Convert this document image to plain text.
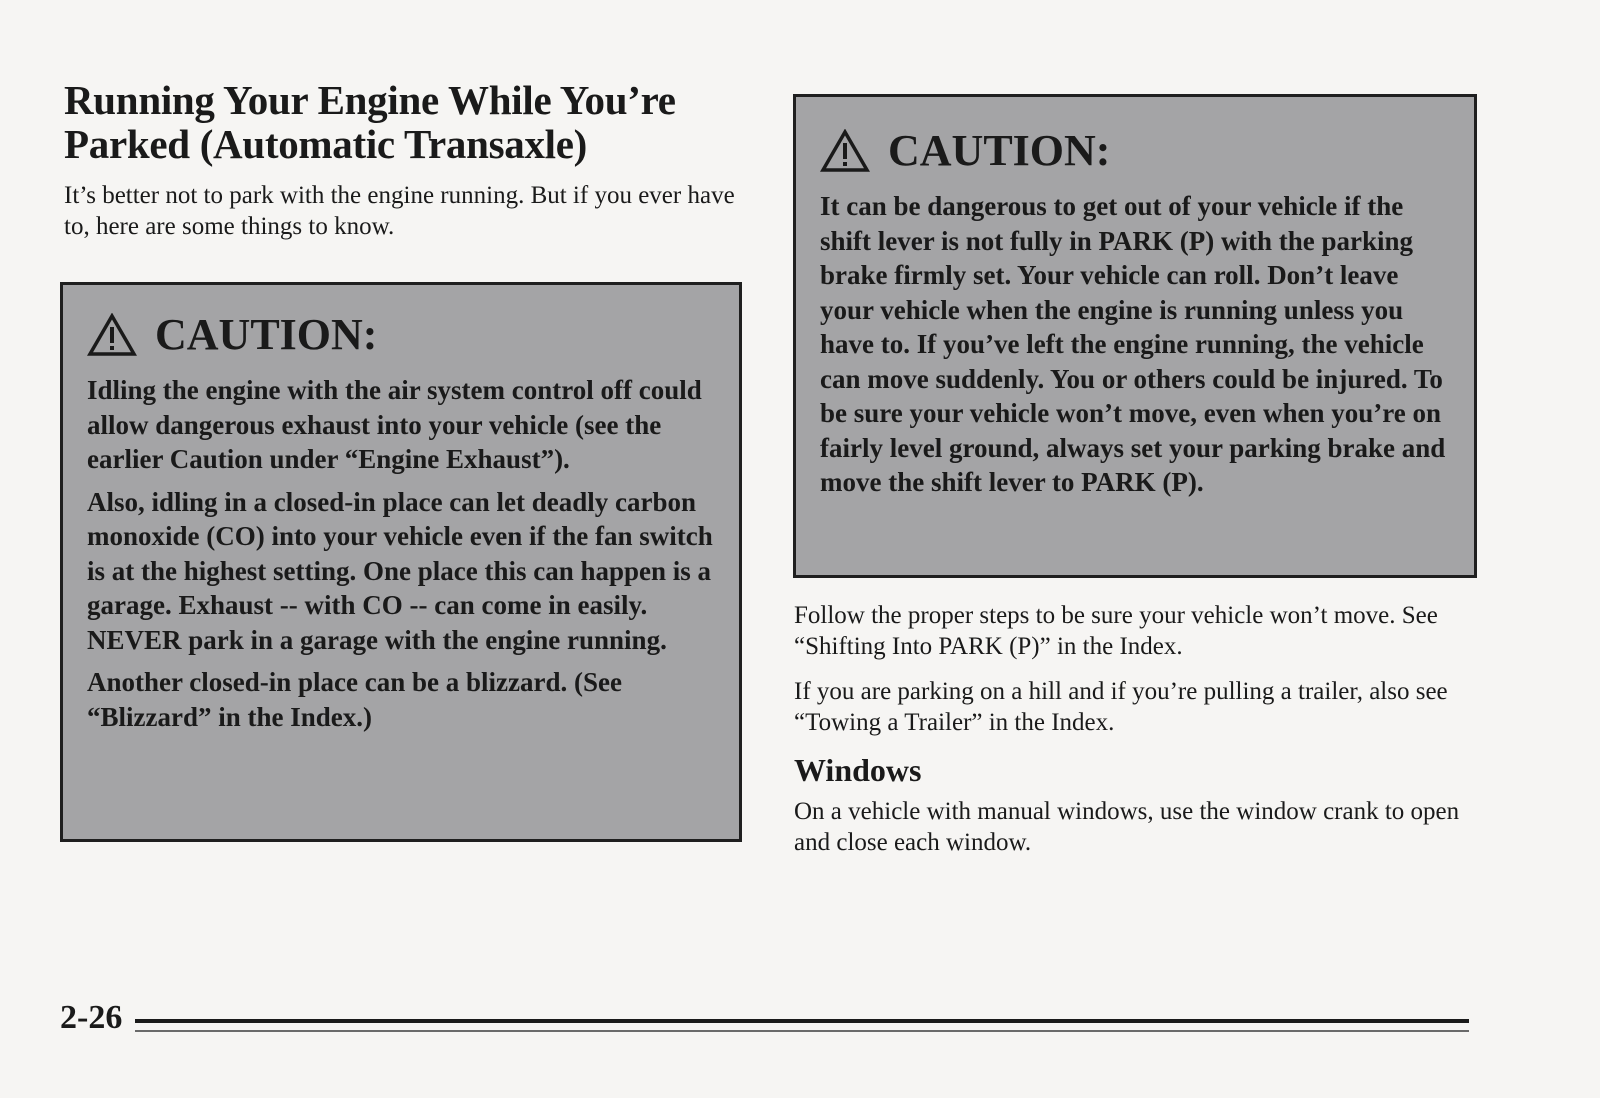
Running Your Engine While You’re
Parked (Automatic Transaxle)

It’s better not to park with the engine running. But if you ever have to, here are some things to know.

CAUTION:

Idling the engine with the air system control off could allow dangerous exhaust into your vehicle (see the earlier Caution under “Engine Exhaust”).

Also, idling in a closed-in place can let deadly carbon monoxide (CO) into your vehicle even if the fan switch is at the highest setting. One place this can happen is a garage. Exhaust -- with CO -- can come in easily. NEVER park in a garage with the engine running.

Another closed-in place can be a blizzard. (See “Blizzard” in the Index.)

CAUTION:

It can be dangerous to get out of your vehicle if the shift lever is not fully in PARK (P) with the parking brake firmly set. Your vehicle can roll. Don’t leave your vehicle when the engine is running unless you have to. If you’ve left the engine running, the vehicle can move suddenly. You or others could be injured. To be sure your vehicle won’t move, even when you’re on fairly level ground, always set your parking brake and move the shift lever to PARK (P).

Follow the proper steps to be sure your vehicle won’t move. See “Shifting Into PARK (P)” in the Index.

If you are parking on a hill and if you’re pulling a trailer, also see “Towing a Trailer” in the Index.

Windows

On a vehicle with manual windows, use the window crank to open and close each window.

2-26
